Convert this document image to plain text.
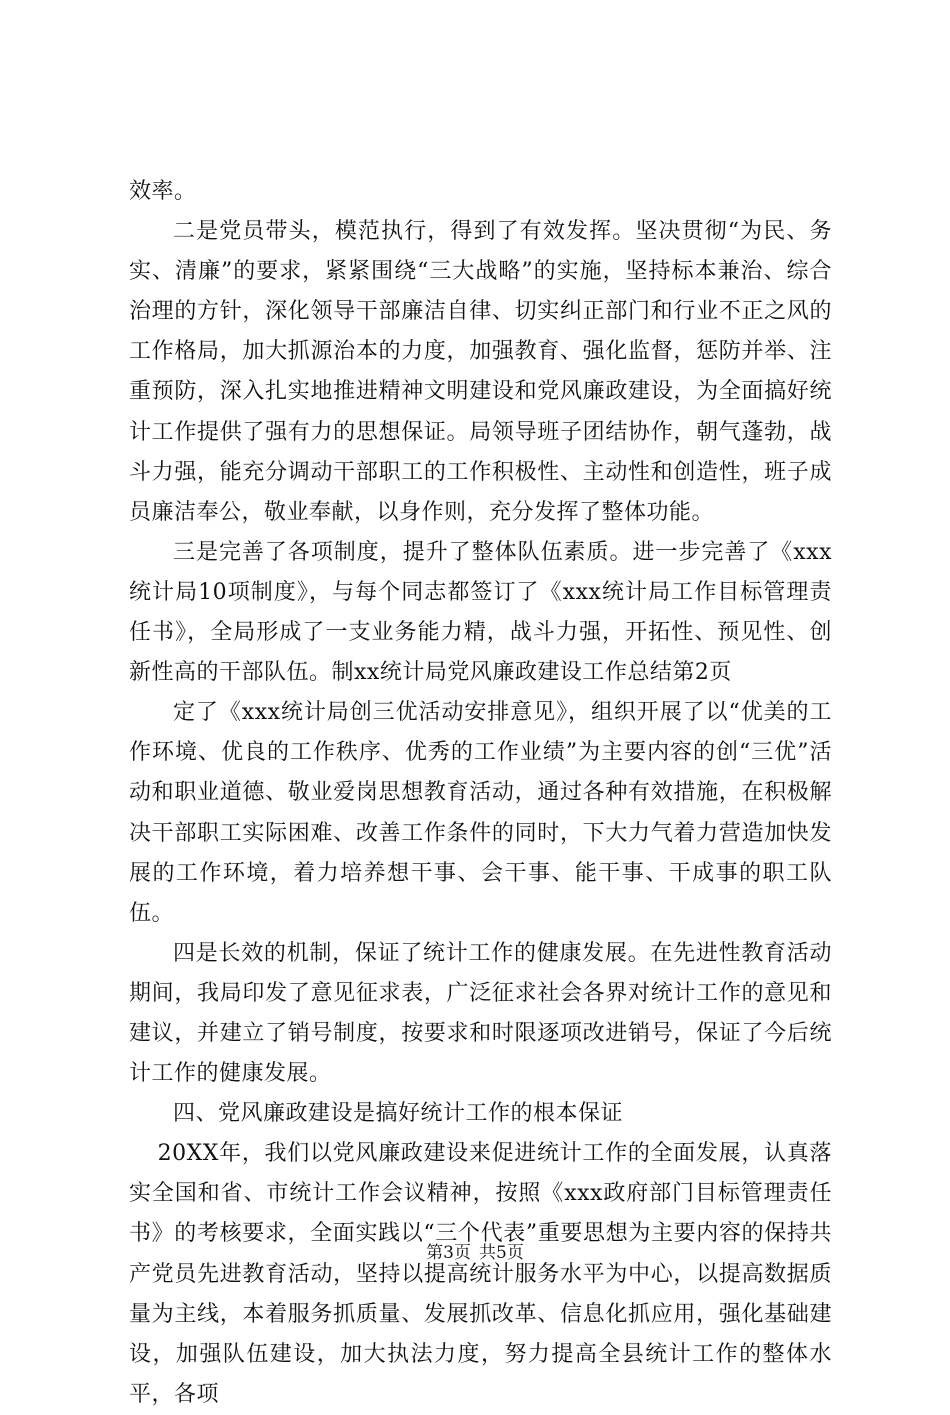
效率。

二是党员带头，模范执行，得到了有效发挥。坚决贯彻“为民、务实、清廉”的要求，紧紧围绕“三大战略”的实施，坚持标本兼治、综合治理的方针，深化领导干部廉洁自律、切实纠正部门和行业不正之风的工作格局，加大抓源治本的力度，加强教育、强化监督，惩防并举、注重预防，深入扎实地推进精神文明建设和党风廉政建设，为全面搞好统计工作提供了强有力的思想保证。局领导班子团结协作，朝气蓬勃，战斗力强，能充分调动干部职工的工作积极性、主动性和创造性，班子成员廉洁奉公，敬业奉献，以身作则，充分发挥了整体功能。

三是完善了各项制度，提升了整体队伍素质。进一步完善了《xxx统计局10项制度》，与每个同志都签订了《xxx统计局工作目标管理责任书》，全局形成了一支业务能力精，战斗力强，开拓性、预见性、创新性高的干部队伍。制xx统计局党风廉政建设工作总结第2页

定了《xxx统计局创三优活动安排意见》，组织开展了以“优美的工作环境、优良的工作秩序、优秀的工作业绩”为主要内容的创“三优”活动和职业道德、敬业爱岗思想教育活动，通过各种有效措施，在积极解决干部职工实际困难、改善工作条件的同时，下大力气着力营造加快发展的工作环境，着力培养想干事、会干事、能干事、干成事的职工队伍。

四是长效的机制，保证了统计工作的健康发展。在先进性教育活动期间，我局印发了意见征求表，广泛征求社会各界对统计工作的意见和建议，并建立了销号制度，按要求和时限逐项改进销号，保证了今后统计工作的健康发展。

四、党风廉政建设是搞好统计工作的根本保证

20XX年，我们以党风廉政建设来促进统计工作的全面发展，认真落实全国和省、市统计工作会议精神，按照《xxx政府部门目标管理责任书》的考核要求，全面实践以“三个代表”重要思想为主要内容的保持共产党员先进教育活动，坚持以提高统计服务水平为中心，以提高数据质量为主线，本着服务抓质量、发展抓改革、信息化抓应用，强化基础建设，加强队伍建设，加大执法力度，努力提高全县统计工作的整体水平，各项

第3页 共5页
